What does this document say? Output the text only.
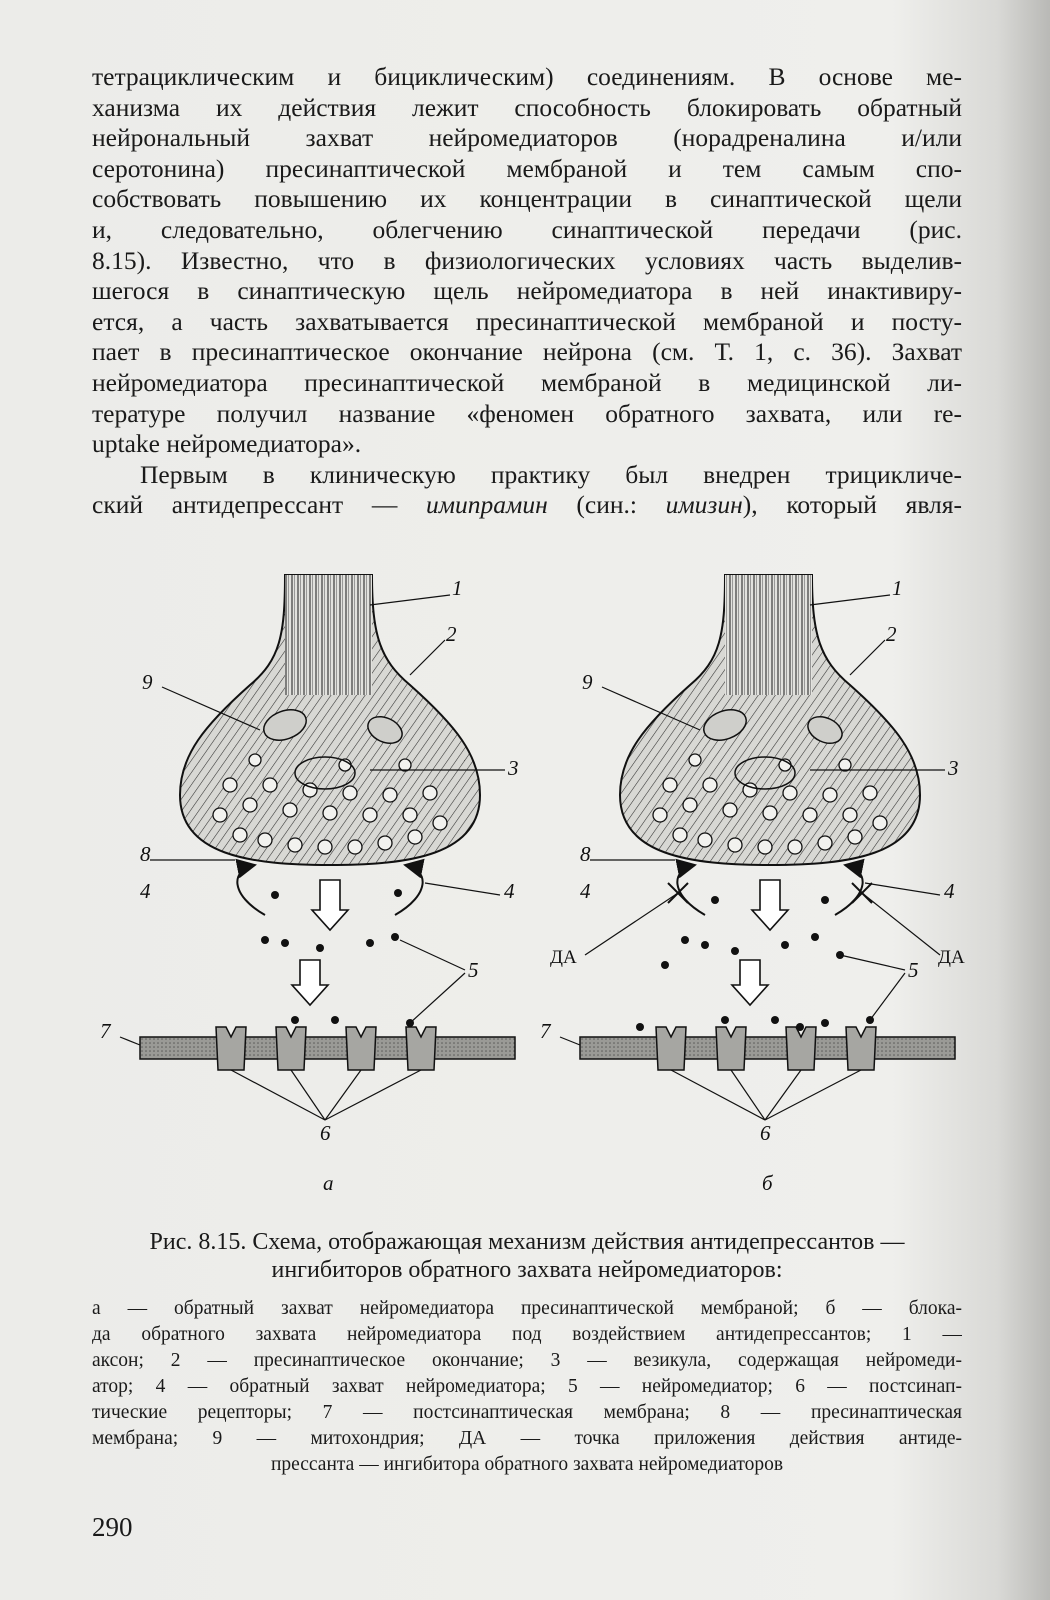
тетрациклическим и бициклическим) соединениям. В основе ме-
ханизма их действия лежит способность блокировать обратный
нейрональный захват нейромедиаторов (норадреналина и/или
серотонина) пресинаптической мембраной и тем самым спо-
собствовать повышению их концентрации в синаптической щели
и, следовательно, облегчению синаптической передачи (рис.
8.15). Известно, что в физиологических условиях часть выделив-
шегося в синаптическую щель нейромедиатора в ней инактивиру-
ется, а часть захватывается пресинаптической мембраной и посту-
пает в пресинаптическое окончание нейрона (см. Т. 1, с. 36). Захват
нейромедиатора пресинаптической мембраной в медицинской ли-
тературе получил название «феномен обратного захвата, или re-
uptake нейромедиатора».

Первым в клиническую практику был внедрен трицикличе-
ский антидепрессант — имипрамин (син.: имизин), который явля-

1
2
9
3
8
4	4
5
7
6
а
1
2
9
3
8
4	4
ДА	ДА
5
7
6
б
Рис. 8.15. Схема, отображающая механизм действия антидепрессантов —
ингибиторов обратного захвата нейромедиаторов:
а — обратный захват нейромедиатора пресинаптической мембраной; б — блока-
да обратного захвата нейромедиатора под воздействием антидепрессантов; 1 —
аксон; 2 — пресинаптическое окончание; 3 — везикула, содержащая нейромеди-
атор; 4 — обратный захват нейромедиатора; 5 — нейромедиатор; 6 — постсинап-
тические рецепторы; 7 — постсинаптическая мембрана; 8 — пресинаптическая
мембрана; 9 — митохондрия; ДА — точка приложения действия антиде-
прессанта — ингибитора обратного захвата нейромедиаторов
290
